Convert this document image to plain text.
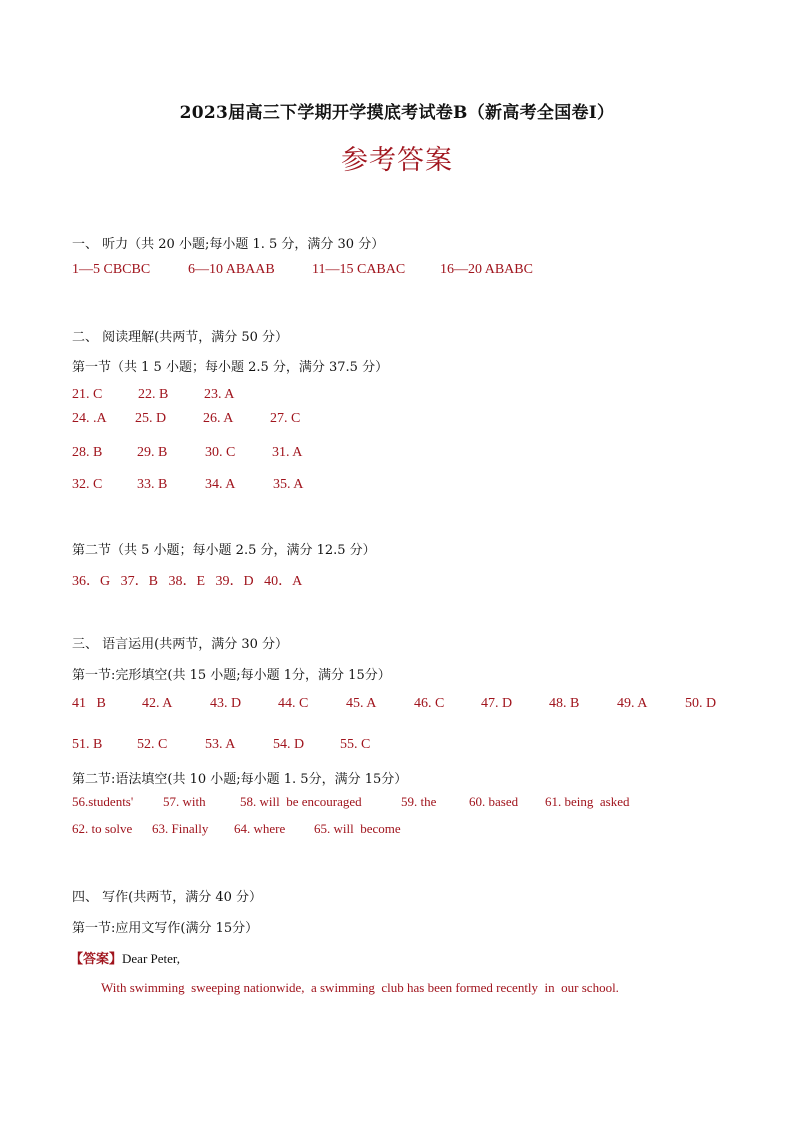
2023届高三下学期开学摸底考试卷B（新高考全国卷I）
参考答案
一、 听力（共 20 小题;每小题 1. 5 分，满分 30 分）
1—5 CBCBC	6—10 ABAAB	11—15 CABAC 16—20 ABABC
二、 阅读理解(共两节，满分 50 分）
第一节（共 1 5 小题；每小题 2.5 分，满分 37.5 分）
21. C	22. B	23. A
24. .A 25. D	26. A	27. C
28. B 29. B	30. C	31. A
32. C 33. B	34. A	35. A
第二节（共 5 小题；每小题 2.5 分，满分 12.5 分）
36．G   37．B   38．E   39．D   40．A
三、 语言运用(共两节，满分 30 分）
第一节:完形填空(共 15 小题;每小题 1分，满分 15分）
41   B	42. A	43. D	44. C	45. A	46. C	47. D	48. B	49. A	50. D
51. B 52. C	53. A	54. D	55. C
第二节:语法填空(共 10 小题;每小题 1. 5分，满分 15分）
56.students' 57. with	58. will  be encouraged	59. the	60. based 61. being  asked
62. to solve 63. Finally 64. where 65. will  become
四、 写作(共两节，满分 40 分）
第一节:应用文写作(满分 15分）
【答案】Dear Peter,
With swimming  sweeping nationwide,  a swimming  club has been formed recently  in  our school.
